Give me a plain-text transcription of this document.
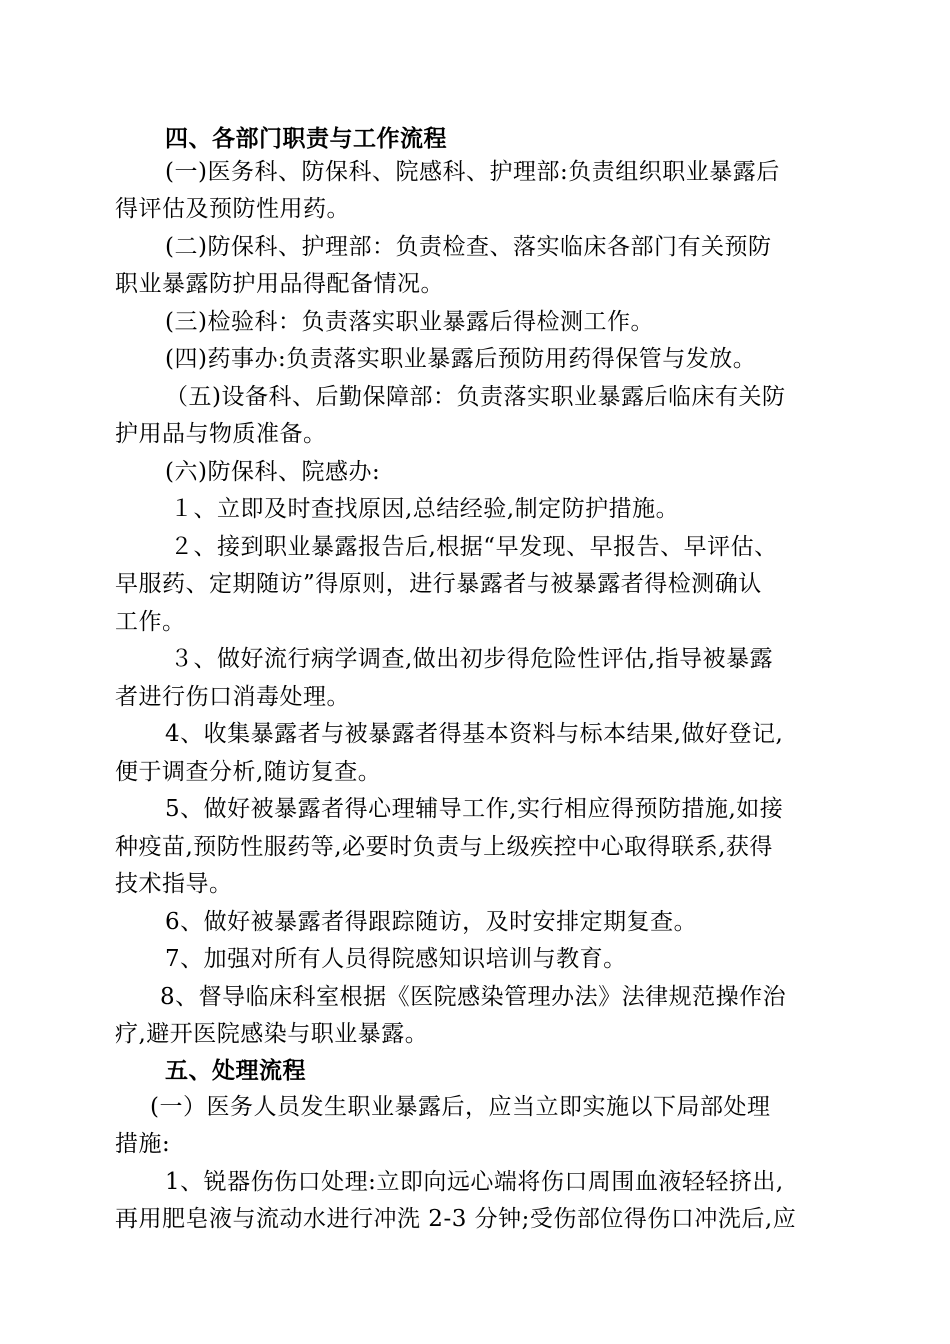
四、各部门职责与工作流程
(一)医务科、防保科、院感科、护理部:负责组织职业暴露后
得评估及预防性用药。
(二)防保科、护理部：负责检查、落实临床各部门有关预防
职业暴露防护用品得配备情况。
(三)检验科：负责落实职业暴露后得检测工作。
(四)药事办:负责落实职业暴露后预防用药得保管与发放。
（五)设备科、后勤保障部：负责落实职业暴露后临床有关防
护用品与物质准备。
(六)防保科、院感办:
１、立即及时查找原因,总结经验,制定防护措施。
２、接到职业暴露报告后,根据“早发现、早报告、早评估、
早服药、定期随访”得原则，进行暴露者与被暴露者得检测确认
工作。
３、做好流行病学调查,做出初步得危险性评估,指导被暴露
者进行伤口消毒处理。
4、收集暴露者与被暴露者得基本资料与标本结果,做好登记,
便于调查分析,随访复查。
5、做好被暴露者得心理辅导工作,实行相应得预防措施,如接
种疫苗,预防性服药等,必要时负责与上级疾控中心取得联系,获得
技术指导。
6、做好被暴露者得跟踪随访，及时安排定期复查。
7、加强对所有人员得院感知识培训与教育。
8、督导临床科室根据《医院感染管理办法》法律规范操作治
疗,避开医院感染与职业暴露。
五、处理流程
(一）医务人员发生职业暴露后，应当立即实施以下局部处理
措施:
1、锐器伤伤口处理:立即向远心端将伤口周围血液轻轻挤出,
再用肥皂液与流动水进行冲洗 2-3 分钟;受伤部位得伤口冲洗后,应
